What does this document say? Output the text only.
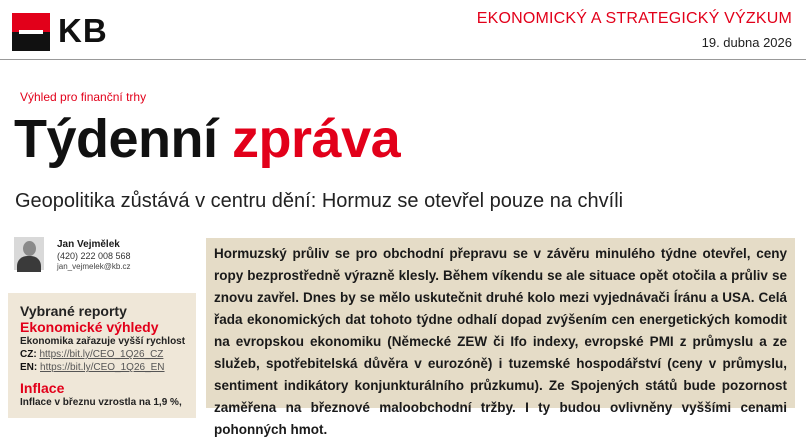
KB	EKONOMICKÝ A STRATEGICKÝ VÝZKUM
19. dubna 2026
Výhled pro finanční trhy
Týdenní zpráva
Geopolitika zůstává v centru dění: Hormuz se otevřel pouze na chvíli
Jan Vejmělek
(420) 222 008 568
jan_vejmelek@kb.cz
Vybrané reporty
Ekonomické výhledy
Ekonomika zařazuje vyšší rychlost
CZ: https://bit.ly/CEO_1Q26_CZ
EN: https://bit.ly/CEO_1Q26_EN
Inflace
Inflace v březnu vzrostla na 1,9 %,

Hormuzský průliv se pro obchodní přepravu se v závěru minulého týdne otevřel, ceny ropy bezprostředně výrazně klesly. Během víkendu se ale situace opět otočila a průliv se znovu zavřel. Dnes by se mělo uskutečnit druhé kolo mezi vyjednávači Íránu a USA. Celá řada ekonomických dat tohoto týdne odhalí dopad zvýšením cen energetických komodit na evropskou ekonomiku (Německé ZEW či Ifo indexy, evropské PMI z průmyslu a ze služeb, spotřebitelská důvěra v eurozóně) i tuzemské hospodářství (ceny v průmyslu, sentiment indikátory konjunkturálního průzkumu). Ze Spojených států bude pozornost zaměřena na březnové maloobchodní tržby. I ty budou ovlivněny vyššími cenami pohonných hmot.
